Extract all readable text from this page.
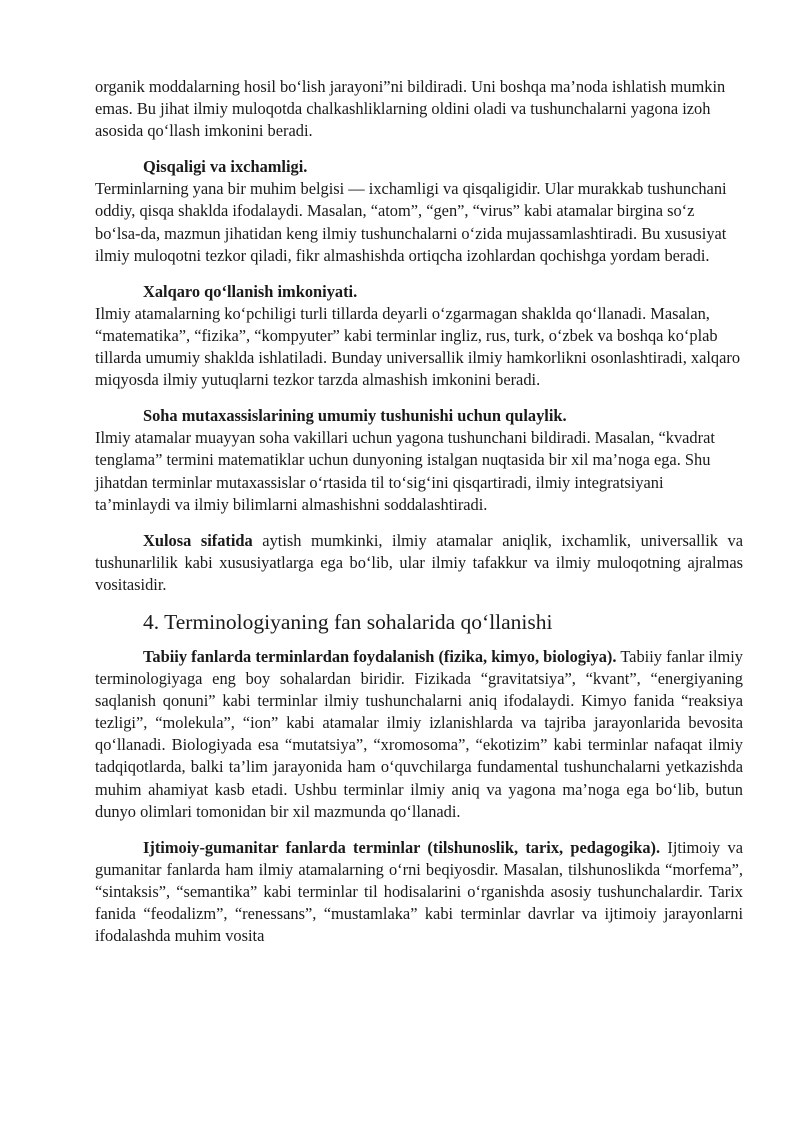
organik moddalarning hosil bo‘lish jarayoni”ni bildiradi. Uni boshqa ma’noda ishlatish mumkin emas. Bu jihat ilmiy muloqotda chalkashliklarning oldini oladi va tushunchalarni yagona izoh asosida qo‘llash imkonini beradi.

Qisqaligi va ixchamligi.

Terminlarning yana bir muhim belgisi — ixchamligi va qisqaligidir. Ular murakkab tushunchani oddiy, qisqa shaklda ifodalaydi. Masalan, “atom”, “gen”, “virus” kabi atamalar birgina so‘z bo‘lsa-da, mazmun jihatidan keng ilmiy tushunchalarni o‘zida mujassamlashtiradi. Bu xususiyat ilmiy muloqotni tezkor qiladi, fikr almashishda ortiqcha izohlardan qochishga yordam beradi.

Xalqaro qo‘llanish imkoniyati.

Ilmiy atamalarning ko‘pchiligi turli tillarda deyarli o‘zgarmagan shaklda qo‘llanadi. Masalan, “matematika”, “fizika”, “kompyuter” kabi terminlar ingliz, rus, turk, o‘zbek va boshqa ko‘plab tillarda umumiy shaklda ishlatiladi. Bunday universallik ilmiy hamkorlikni osonlashtiradi, xalqaro miqyosda ilmiy yutuqlarni tezkor tarzda almashish imkonini beradi.

Soha mutaxassislarining umumiy tushunishi uchun qulaylik.

Ilmiy atamalar muayyan soha vakillari uchun yagona tushunchani bildiradi. Masalan, “kvadrat tenglama” termini matematiklar uchun dunyoning istalgan nuqtasida bir xil ma’noga ega. Shu jihatdan terminlar mutaxassislar o‘rtasida til to‘sig‘ini qisqartiradi, ilmiy integratsiyani ta’minlaydi va ilmiy bilimlarni almashishni soddalashtiradi.

Xulosa sifatida aytish mumkinki, ilmiy atamalar aniqlik, ixchamlik, universallik va tushunarlilik kabi xususiyatlarga ega bo‘lib, ular ilmiy tafakkur va ilmiy muloqotning ajralmas vositasidir.

4. Terminologiyaning fan sohalarida qo‘llanishi

Tabiiy fanlarda terminlardan foydalanish (fizika, kimyo, biologiya). Tabiiy fanlar ilmiy terminologiyaga eng boy sohalardan biridir. Fizikada “gravitatsiya”, “kvant”, “energiyaning saqlanish qonuni” kabi terminlar ilmiy tushunchalarni aniq ifodalaydi. Kimyo fanida “reaksiya tezligi”, “molekula”, “ion” kabi atamalar ilmiy izlanishlarda va tajriba jarayonlarida bevosita qo‘llanadi. Biologiyada esa “mutatsiya”, “xromosoma”, “ekotizim” kabi terminlar nafaqat ilmiy tadqiqotlarda, balki ta’lim jarayonida ham o‘quvchilarga fundamental tushunchalarni yetkazishda muhim ahamiyat kasb etadi. Ushbu terminlar ilmiy aniq va yagona ma’noga ega bo‘lib, butun dunyo olimlari tomonidan bir xil mazmunda qo‘llanadi.

Ijtimoiy-gumanitar fanlarda terminlar (tilshunoslik, tarix, pedagogika). Ijtimoiy va gumanitar fanlarda ham ilmiy atamalarning o‘rni beqiyosdir. Masalan, tilshunoslikda “morfema”, “sintaksis”, “semantika” kabi terminlar til hodisalarini o‘rganishda asosiy tushunchalardir. Tarix fanida “feodalizm”, “renessans”, “mustamlaka” kabi terminlar davrlar va ijtimoiy jarayonlarni ifodalashda muhim vosita
